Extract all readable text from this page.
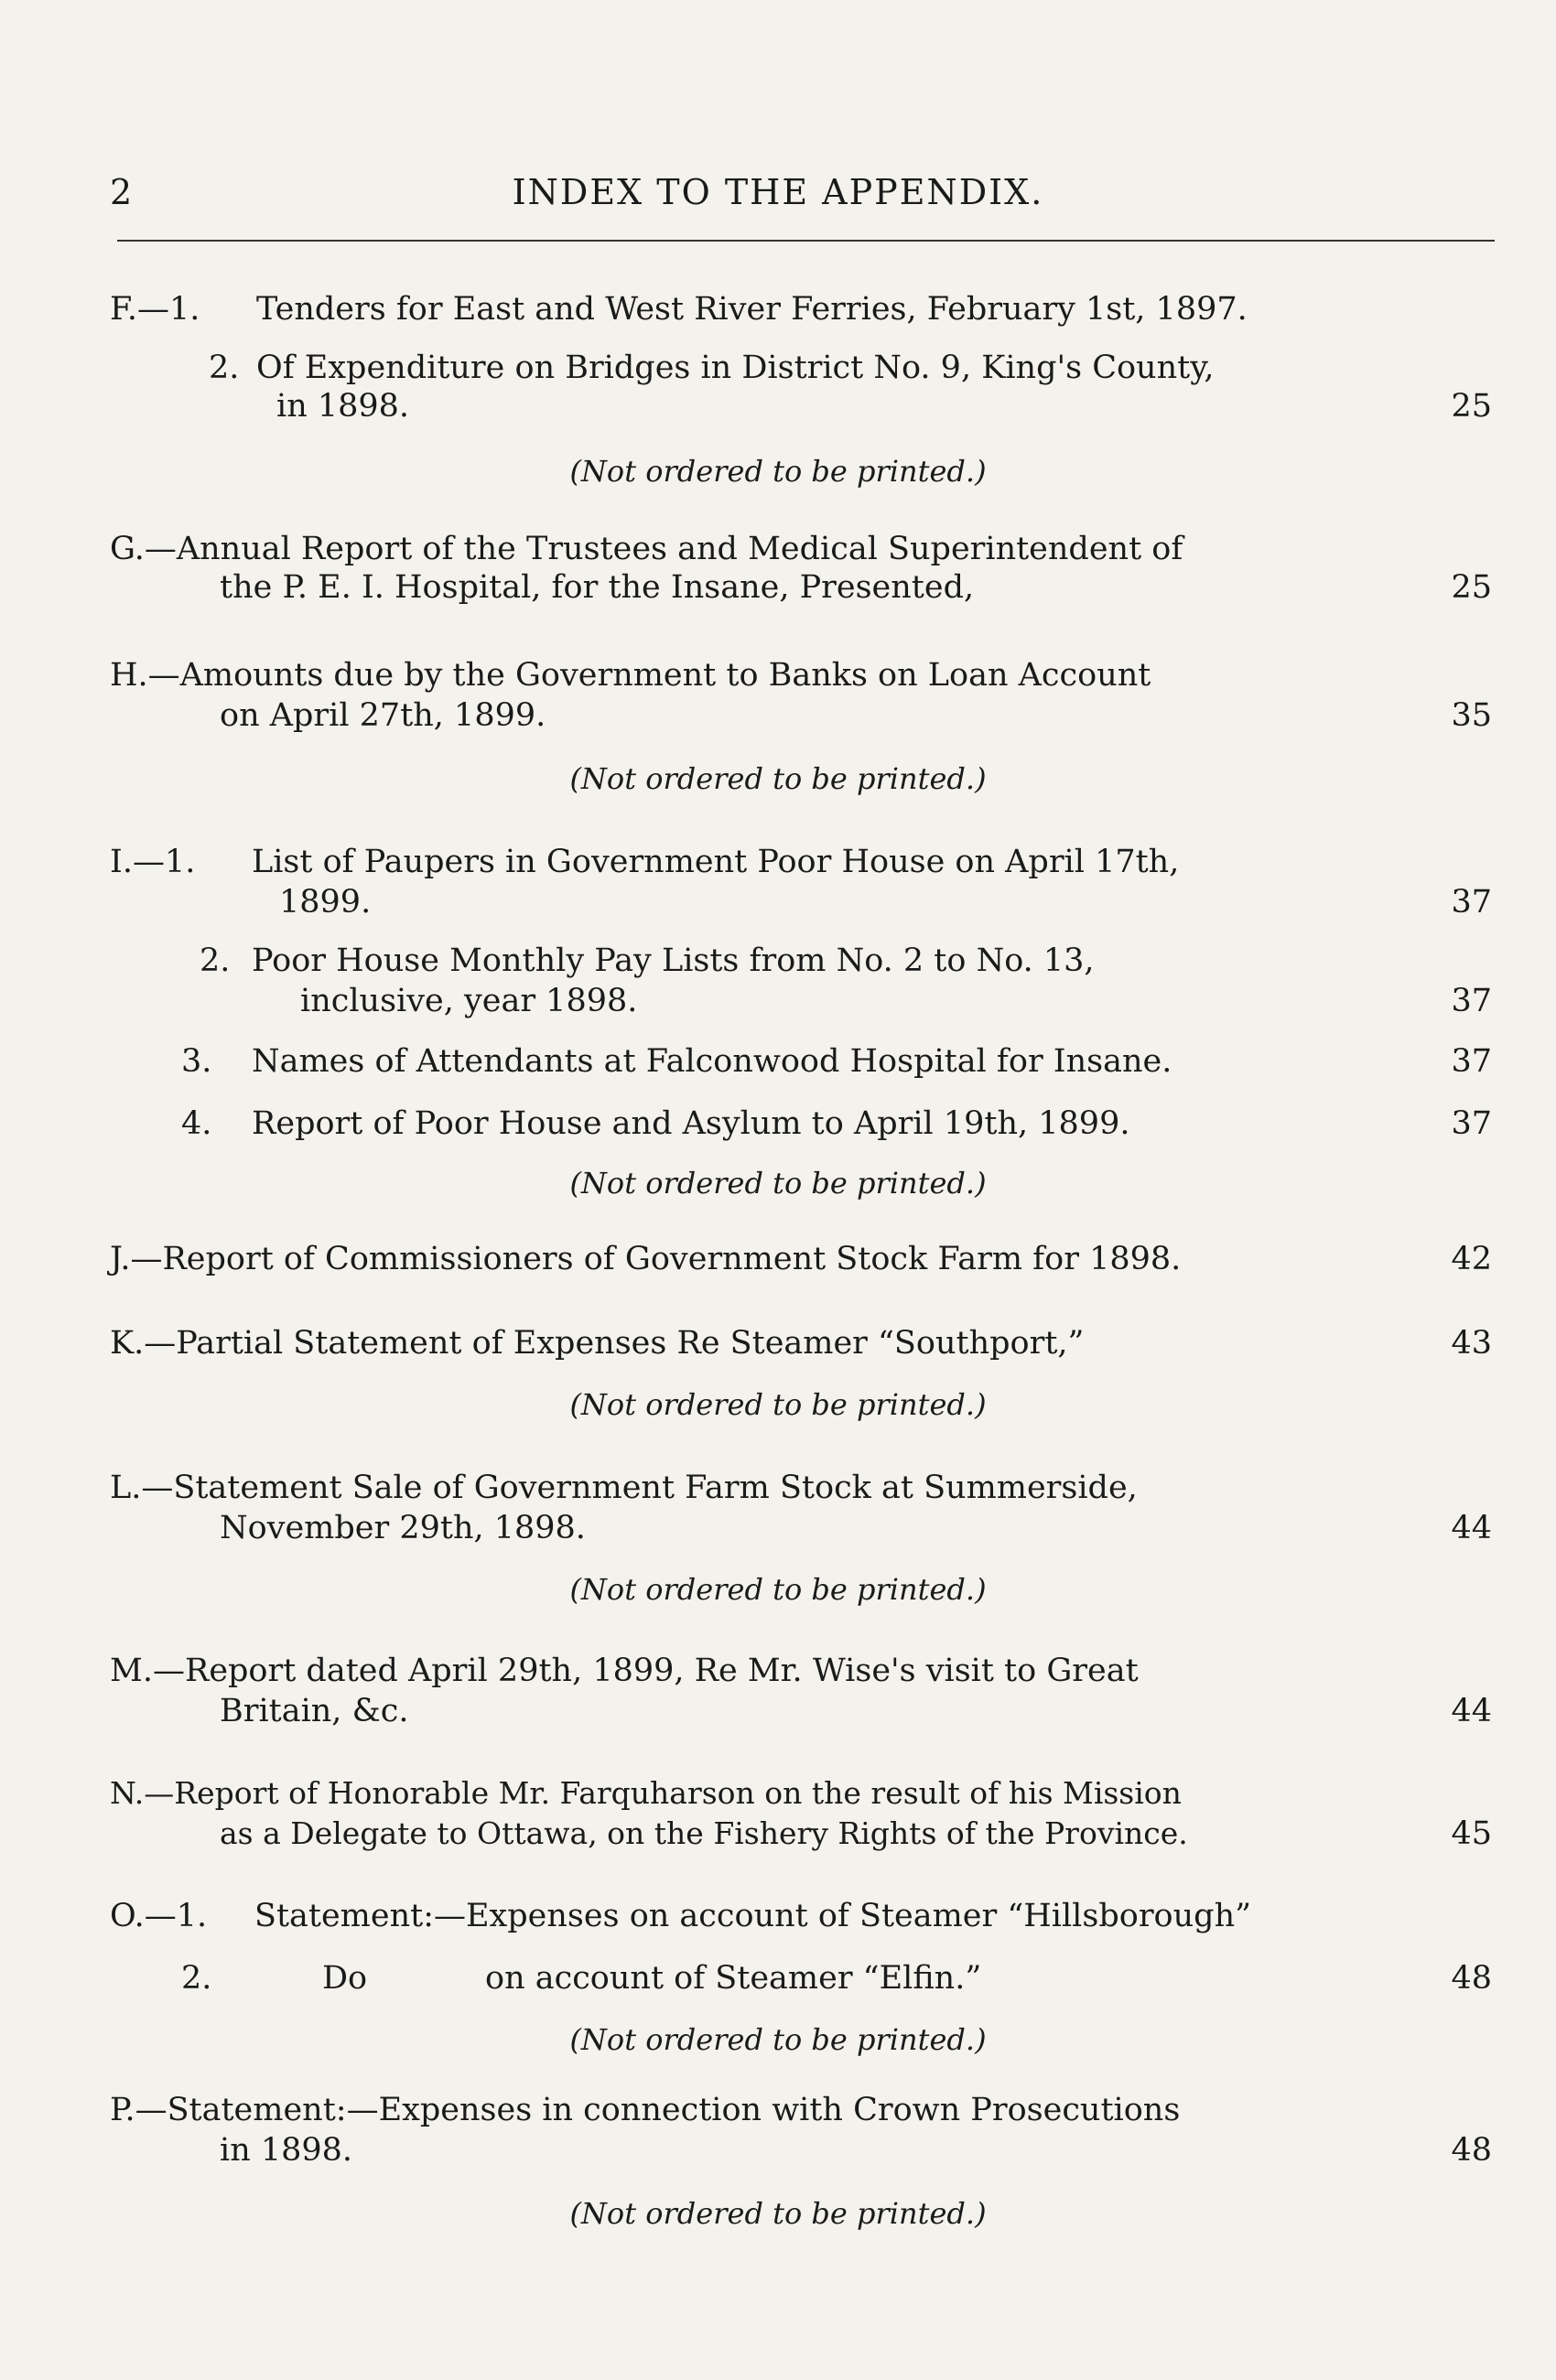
2	INDEX TO THE APPENDIX.
F.—1. Tenders for East and West River Ferries, February 1st, 1897.
2. Of Expenditure on Bridges in District No. 9, King's County,
in 1898.	25
(Not ordered to be printed.)
G.—Annual Report of the Trustees and Medical Superintendent of
the P. E. I. Hospital, for the Insane, Presented,	25
H.—Amounts due by the Government to Banks on Loan Account
on April 27th, 1899.	35
(Not ordered to be printed.)
I.—1. List of Paupers in Government Poor House on April 17th,
1899.	37
2. Poor House Monthly Pay Lists from No. 2 to No. 13,
inclusive, year 1898.	37
3. Names of Attendants at Falconwood Hospital for Insane.	37
4. Report of Poor House and Asylum to April 19th, 1899.	37
(Not ordered to be printed.)
J.—Report of Commissioners of Government Stock Farm for 1898.	42
K.—Partial Statement of Expenses Re Steamer “Southport,”	43
(Not ordered to be printed.)
L.—Statement Sale of Government Farm Stock at Summerside,
November 29th, 1898.	44
(Not ordered to be printed.)
M.—Report dated April 29th, 1899, Re Mr. Wise's visit to Great
Britain, &c.	44
N.—Report of Honorable Mr. Farquharson on the result of his Mission
as a Delegate to Ottawa, on the Fishery Rights of the Province.	45
O.—1. Statement:—Expenses on account of Steamer “Hillsborough”
2.	Do	on account of Steamer “Elfin.”	48
(Not ordered to be printed.)
P.—Statement:—Expenses in connection with Crown Prosecutions
in 1898.	48
(Not ordered to be printed.)
